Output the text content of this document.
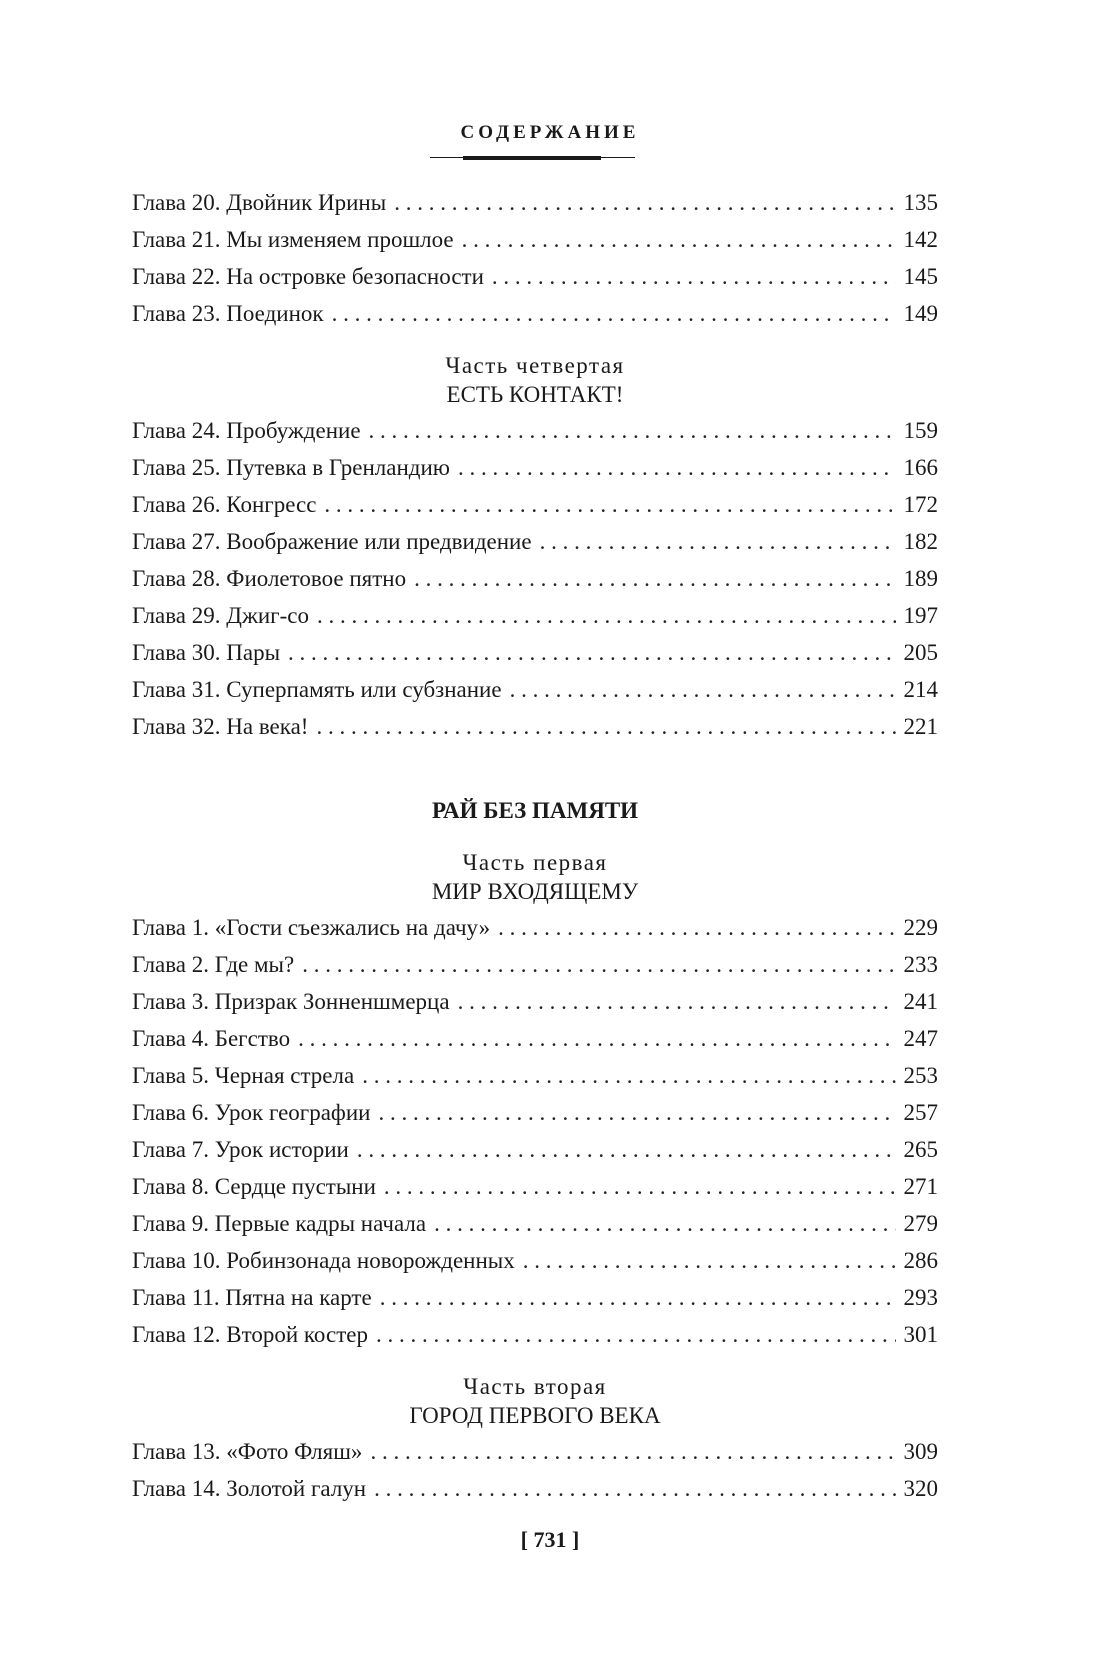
СОДЕРЖАНИЕ
Глава 20. Двойник Ирины . . .	135
Глава 21. Мы изменяем прошлое . . .	142
Глава 22. На островке безопасности . . .	145
Глава 23. Поединок . . .	149
Часть четвертая
ЕСТЬ КОНТАКТ!
Глава 24. Пробуждение . . .	159
Глава 25. Путевка в Гренландию . . .	166
Глава 26. Конгресс . . .	172
Глава 27. Воображение или предвидение . . .	182
Глава 28. Фиолетовое пятно . . .	189
Глава 29. Джиг-со . . .	197
Глава 30. Пары . . .	205
Глава 31. Суперпамять или субзнание . . .	214
Глава 32. На века! . . .	221
РАЙ БЕЗ ПАМЯТИ
Часть первая
МИР ВХОДЯЩЕМУ
Глава 1. «Гости съезжались на дачу» . . .	229
Глава 2. Где мы? . . .	233
Глава 3. Призрак Зонненшмерца . . .	241
Глава 4. Бегство . . .	247
Глава 5. Черная стрела . . .	253
Глава 6. Урок географии . . .	257
Глава 7. Урок истории . . .	265
Глава 8. Сердце пустыни . . .	271
Глава 9. Первые кадры начала . . .	279
Глава 10. Робинзонада новорожденных . . .	286
Глава 11. Пятна на карте . . .	293
Глава 12. Второй костер . . .	301
Часть вторая
ГОРОД ПЕРВОГО ВЕКА
Глава 13. «Фото Фляш» . . .	309
Глава 14. Золотой галун . . .	320
[ 731 ]
